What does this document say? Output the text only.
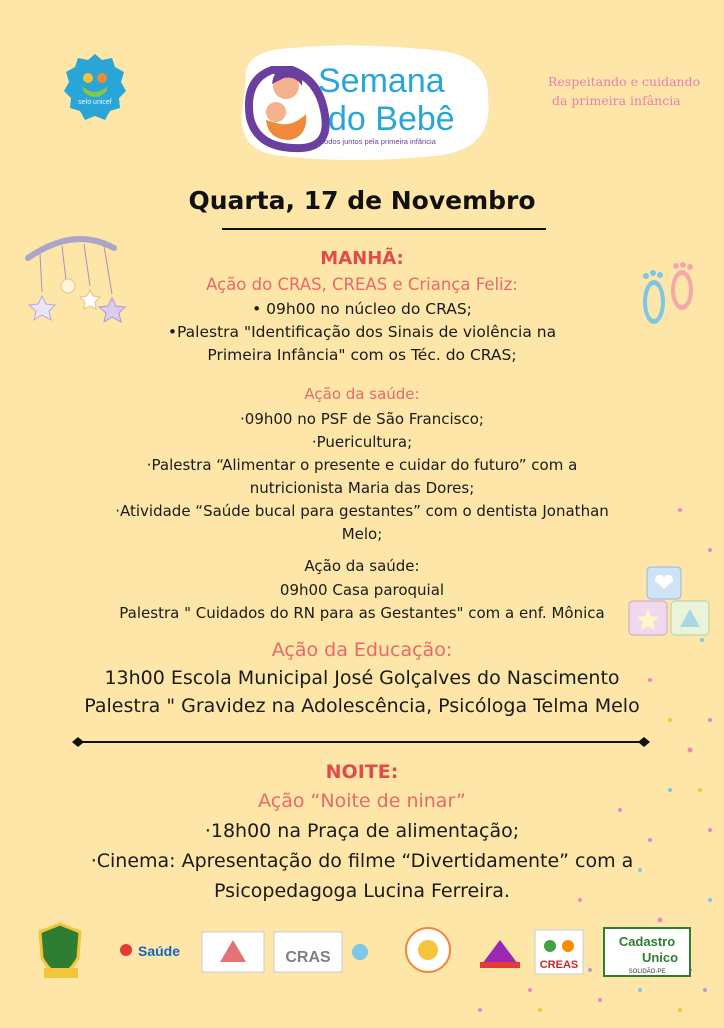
selo unicef
Semana
do Bebê
todos juntos pela primeira infância
Respeitando e cuidando
da primeira infância
Quarta, 17 de Novembro
MANHÃ:
Ação do CRAS, CREAS e Criança Feliz:
• 09h00 no núcleo do CRAS;
•Palestra "Identificação dos Sinais de violência na
Primeira Infância" com os Téc. do CRAS;
Ação da saúde:
·09h00 no PSF de São Francisco;
·Puericultura;
·Palestra “Alimentar o presente e cuidar do futuro” com a
nutricionista Maria das Dores;
·Atividade “Saúde bucal para gestantes” com o dentista Jonathan
Melo;
Ação da saúde:
09h00 Casa paroquial
Palestra " Cuidados do RN para as Gestantes" com a enf. Mônica
Ação da Educação:
13h00 Escola Municipal José Golçalves do Nascimento
Palestra " Gravidez na Adolescência, Psicóloga Telma Melo
NOITE:
Ação “Noite de ninar”
·18h00 na Praça de alimentação;
·Cinema: Apresentação do filme “Divertidamente” com a
Psicopedagoga Lucina Ferreira.
Saúde	CRAS	CREAS
Cadastro
Unico
SOLIDÃO-PE
